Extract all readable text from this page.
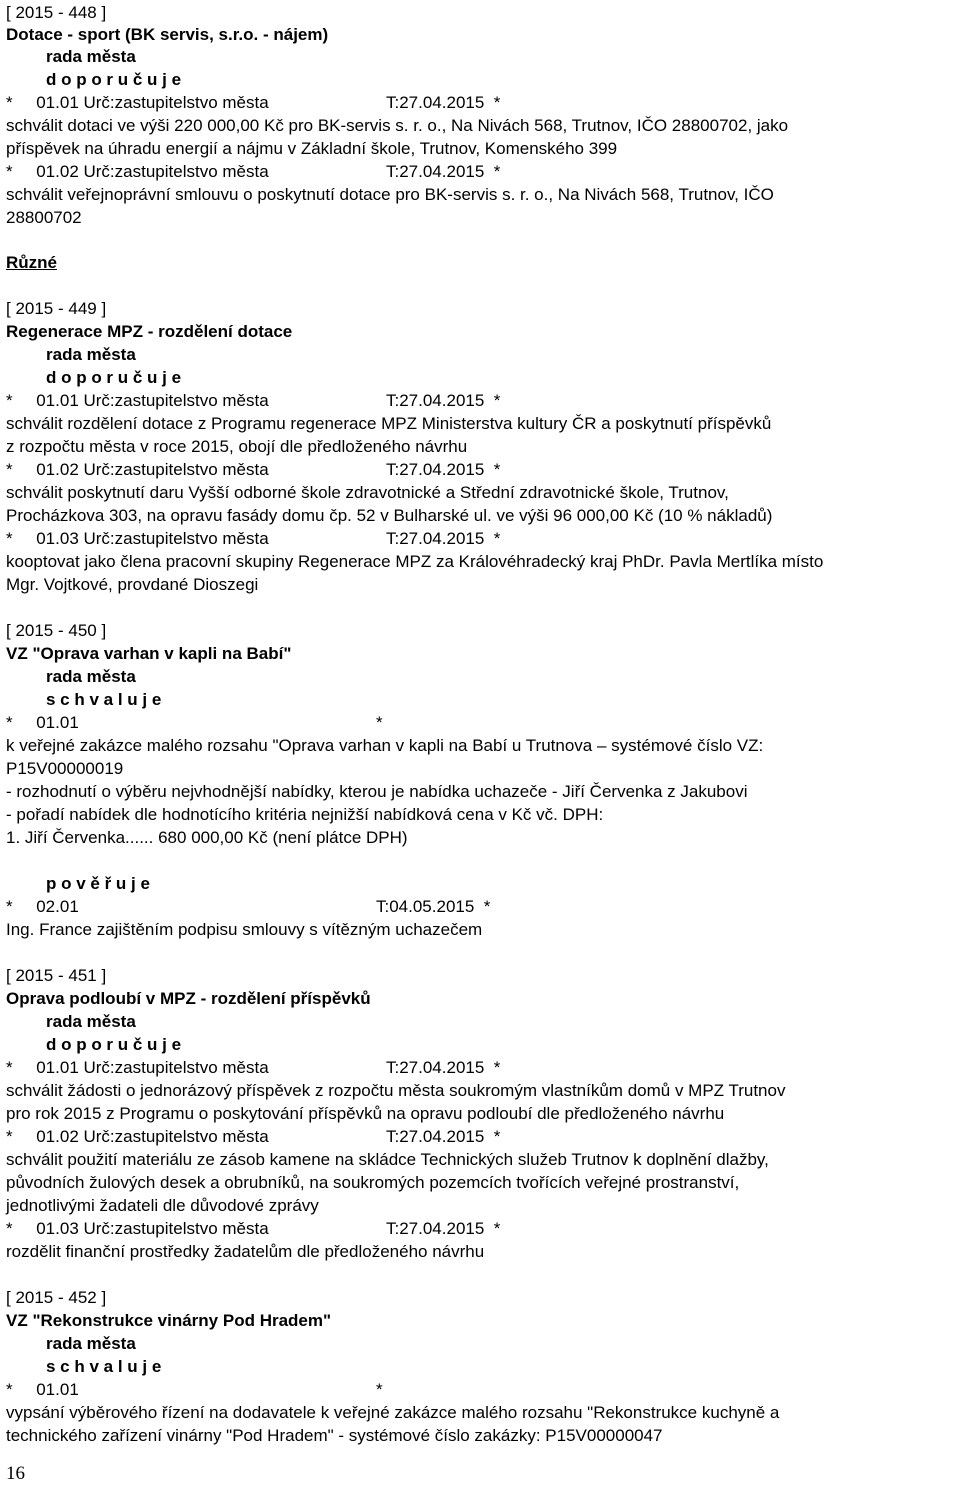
[ 2015 - 448 ]
Dotace - sport (BK servis, s.r.o. - nájem)
rada města
d o p o r u č u j e
*     01.01 Urč:zastupitelstvo města	T:27.04.2015  *
schválit dotaci ve výši 220 000,00 Kč pro BK-servis s. r. o., Na Nivách 568, Trutnov, IČO 28800702, jako
příspěvek na úhradu energií a nájmu v Základní škole, Trutnov, Komenského 399
*     01.02 Urč:zastupitelstvo města	T:27.04.2015  *
schválit veřejnoprávní smlouvu o poskytnutí dotace pro BK-servis s. r. o., Na Nivách 568, Trutnov, IČO
28800702
Různé
[ 2015 - 449 ]
Regenerace MPZ - rozdělení dotace
rada města
d o p o r u č u j e
*     01.01 Urč:zastupitelstvo města	T:27.04.2015  *
schválit rozdělení dotace z Programu regenerace MPZ Ministerstva kultury ČR a poskytnutí příspěvků
z rozpočtu města v roce 2015, obojí dle předloženého návrhu
*     01.02 Urč:zastupitelstvo města	T:27.04.2015  *
schválit poskytnutí daru Vyšší odborné škole zdravotnické a Střední zdravotnické škole, Trutnov,
Procházkova 303, na opravu fasády domu čp. 52 v Bulharské ul. ve výši 96 000,00 Kč (10 % nákladů)
*     01.03 Urč:zastupitelstvo města	T:27.04.2015  *
kooptovat jako člena pracovní skupiny Regenerace MPZ za Královéhradecký kraj PhDr. Pavla Mertlíka místo
Mgr. Vojtkové, provdané Dioszegi
[ 2015 - 450 ]
VZ "Oprava varhan v kapli na Babí"
rada města
s c h v a l u j e
*     01.01	*
k veřejné zakázce malého rozsahu "Oprava varhan v kapli na Babí u Trutnova – systémové číslo VZ:
P15V00000019
- rozhodnutí o výběru nejvhodnější nabídky, kterou je nabídka uchazeče - Jiří Červenka z Jakubovi
- pořadí nabídek dle hodnotícího kritéria nejnižší nabídková cena v Kč vč. DPH:
1. Jiří Červenka...... 680 000,00 Kč (není plátce DPH)
p o v ě ř u j e
*     02.01	T:04.05.2015  *
Ing. France zajištěním podpisu smlouvy s vítězným uchazečem
[ 2015 - 451 ]
Oprava podloubí v MPZ - rozdělení příspěvků
rada města
d o p o r u č u j e
*     01.01 Urč:zastupitelstvo města	T:27.04.2015  *
schválit žádosti o jednorázový příspěvek z rozpočtu města soukromým vlastníkům domů v MPZ Trutnov
pro rok 2015 z Programu o poskytování příspěvků na opravu podloubí dle předloženého návrhu
*     01.02 Urč:zastupitelstvo města	T:27.04.2015  *
schválit použití materiálu ze zásob kamene na skládce Technických služeb Trutnov k doplnění dlažby,
původních žulových desek a obrubníků, na soukromých pozemcích tvořících veřejné prostranství,
jednotlivými žadateli dle důvodové zprávy
*     01.03 Urč:zastupitelstvo města	T:27.04.2015  *
rozdělit finanční prostředky žadatelům dle předloženého návrhu
[ 2015 - 452 ]
VZ "Rekonstrukce vinárny Pod Hradem"
rada města
s c h v a l u j e
*     01.01	*
vypsání výběrového řízení na dodavatele k veřejné zakázce malého rozsahu "Rekonstrukce kuchyně a
technického zařízení vinárny "Pod Hradem" - systémové číslo zakázky: P15V00000047
16
